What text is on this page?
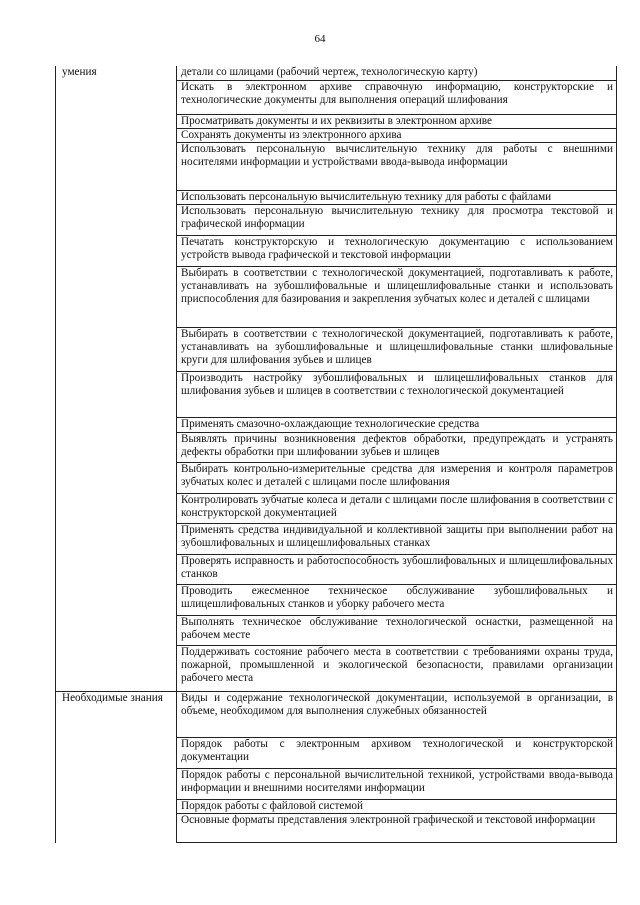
64
умения	детали со шлицами (рабочий чертеж, технологическую карту)
Искать в электронном архиве справочную информацию, конструкторские и технологические документы для выполнения операций шлифования
Просматривать документы и их реквизиты в электронном архиве
Сохранять документы из электронного архива
Использовать персональную вычислительную технику для работы с внешними носителями информации и устройствами ввода-вывода информации
Использовать персональную вычислительную технику для работы с файлами
Использовать персональную вычислительную технику для просмотра текстовой и графической информации
Печатать конструкторскую и технологическую документацию с использованием устройств вывода графической и текстовой информации
Выбирать в соответствии с технологической документацией, подготавливать к работе, устанавливать на зубошлифовальные и шлицешлифовальные станки и использовать приспособления для базирования и закрепления зубчатых колес и деталей с шлицами
Выбирать в соответствии с технологической документацией, подготавливать к работе, устанавливать на зубошлифовальные и шлицешлифовальные станки шлифовальные круги для шлифования зубьев и шлицев
Производить настройку зубошлифовальных и шлицешлифовальных станков для шлифования зубьев и шлицев в соответствии с технологической документацией
Применять смазочно-охлаждающие технологические средства
Выявлять причины возникновения дефектов обработки, предупреждать и устранять дефекты обработки при шлифовании зубьев и шлицев
Выбирать контрольно-измерительные средства для измерения и контроля параметров зубчатых колес и деталей с шлицами после шлифования
Контролировать зубчатые колеса и детали с шлицами после шлифования в соответствии с конструкторской документацией
Применять средства индивидуальной и коллективной защиты при выполнении работ на зубошлифовальных и шлицешлифовальных станках
Проверять исправность и работоспособность зубошлифовальных и шлицешлифовальных станков
Проводить ежесменное техническое обслуживание зубошлифовальных и шлицешлифовальных станков и уборку рабочего места
Выполнять техническое обслуживание технологической оснастки, размещенной на рабочем месте
Поддерживать состояние рабочего места в соответствии с требованиями охраны труда, пожарной, промышленной и экологической безопасности, правилами организации рабочего места
Необходимые знания	Виды и содержание технологической документации, используемой в организации, в объеме, необходимом для выполнения служебных обязанностей
Порядок работы с электронным архивом технологической и конструкторской документации
Порядок работы с персональной вычислительной техникой, устройствами ввода-вывода информации и внешними носителями информации
Порядок работы с файловой системой
Основные форматы представления электронной графической и текстовой информации
